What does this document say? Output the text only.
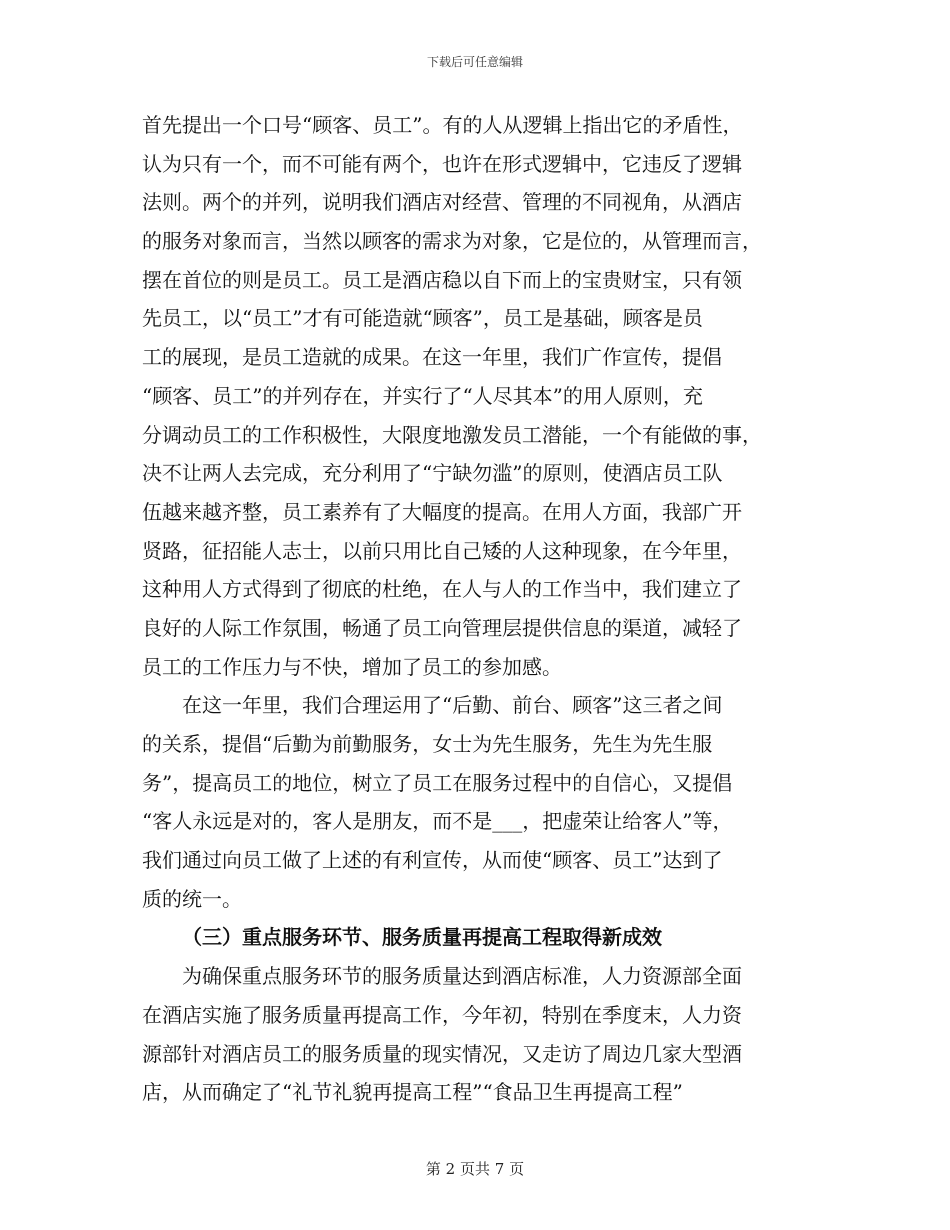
下载后可任意编辑
首先提出一个口号“顾客、员工”。有的人从逻辑上指出它的矛盾性，
认为只有一个，而不可能有两个，也许在形式逻辑中，它违反了逻辑
法则。两个的并列，说明我们酒店对经营、管理的不同视角，从酒店
的服务对象而言，当然以顾客的需求为对象，它是位的，从管理而言，
摆在首位的则是员工。员工是酒店稳以自下而上的宝贵财宝，只有领
先员工，以“员工”才有可能造就“顾客”，员工是基础，顾客是员
工的展现，是员工造就的成果。在这一年里，我们广作宣传，提倡
“顾客、员工”的并列存在，并实行了“人尽其本”的用人原则，充
分调动员工的工作积极性，大限度地激发员工潜能，一个有能做的事，
决不让两人去完成，充分利用了“宁缺勿滥”的原则，使酒店员工队
伍越来越齐整，员工素养有了大幅度的提高。在用人方面，我部广开
贤路，征招能人志士，以前只用比自己矮的人这种现象，在今年里，
这种用人方式得到了彻底的杜绝，在人与人的工作当中，我们建立了
良好的人际工作氛围，畅通了员工向管理层提供信息的渠道，减轻了
员工的工作压力与不快，增加了员工的参加感。
在这一年里，我们合理运用了“后勤、前台、顾客”这三者之间
的关系，提倡“后勤为前勤服务，女士为先生服务，先生为先生服
务”，提高员工的地位，树立了员工在服务过程中的自信心，又提倡
“客人永远是对的，客人是朋友，而不是___，把虚荣让给客人”等，
我们通过向员工做了上述的有利宣传，从而使“顾客、员工”达到了
质的统一。
（三）重点服务环节、服务质量再提高工程取得新成效
为确保重点服务环节的服务质量达到酒店标准，人力资源部全面
在酒店实施了服务质量再提高工作，今年初，特别在季度末，人力资
源部针对酒店员工的服务质量的现实情况，又走访了周边几家大型酒
店，从而确定了“礼节礼貌再提高工程”“食品卫生再提高工程”
第 2 页共 7 页
